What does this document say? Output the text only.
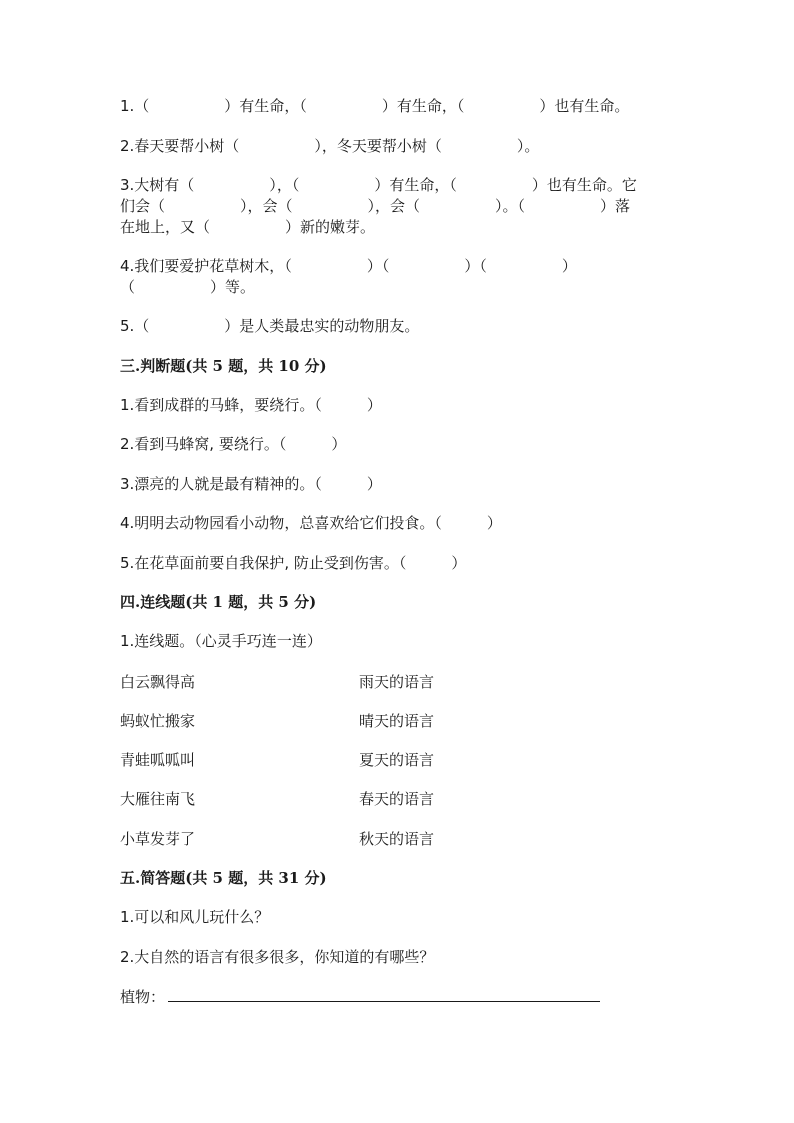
1.（　　　　　）有生命，（　　　　　）有生命，（　　　　　）也有生命。
2.春天要帮小树（　　　　　），冬天要帮小树（　　　　　）。
3.大树有（　　　　　），（　　　　　）有生命，（　　　　　）也有生命。它
们会（　　　　　），会（　　　　　），会（　　　　　）。（　　　　　）落
在地上，又（　　　　　）新的嫩芽。
4.我们要爱护花草树木，（　　　　　）（　　　　　）（　　　　　）
（　　　　　）等。
5.（　　　　　）是人类最忠实的动物朋友。
三.判断题(共 5 题，共 10 分)
1.看到成群的马蜂，要绕行。（　　　）
2.看到马蜂窝, 要绕行。（　　　）
3.漂亮的人就是最有精神的。（　　　）
4.明明去动物园看小动物，总喜欢给它们投食。（　　　）
5.在花草面前要自我保护, 防止受到伤害。（　　　）
四.连线题(共 1 题，共 5 分)
1.连线题。（心灵手巧连一连）
白云飘得高	雨天的语言
蚂蚁忙搬家	晴天的语言
青蛙呱呱叫	夏天的语言
大雁往南飞	春天的语言
小草发芽了	秋天的语言
五.简答题(共 5 题，共 31 分)
1.可以和风儿玩什么？
2.大自然的语言有很多很多，你知道的有哪些？
植物：
